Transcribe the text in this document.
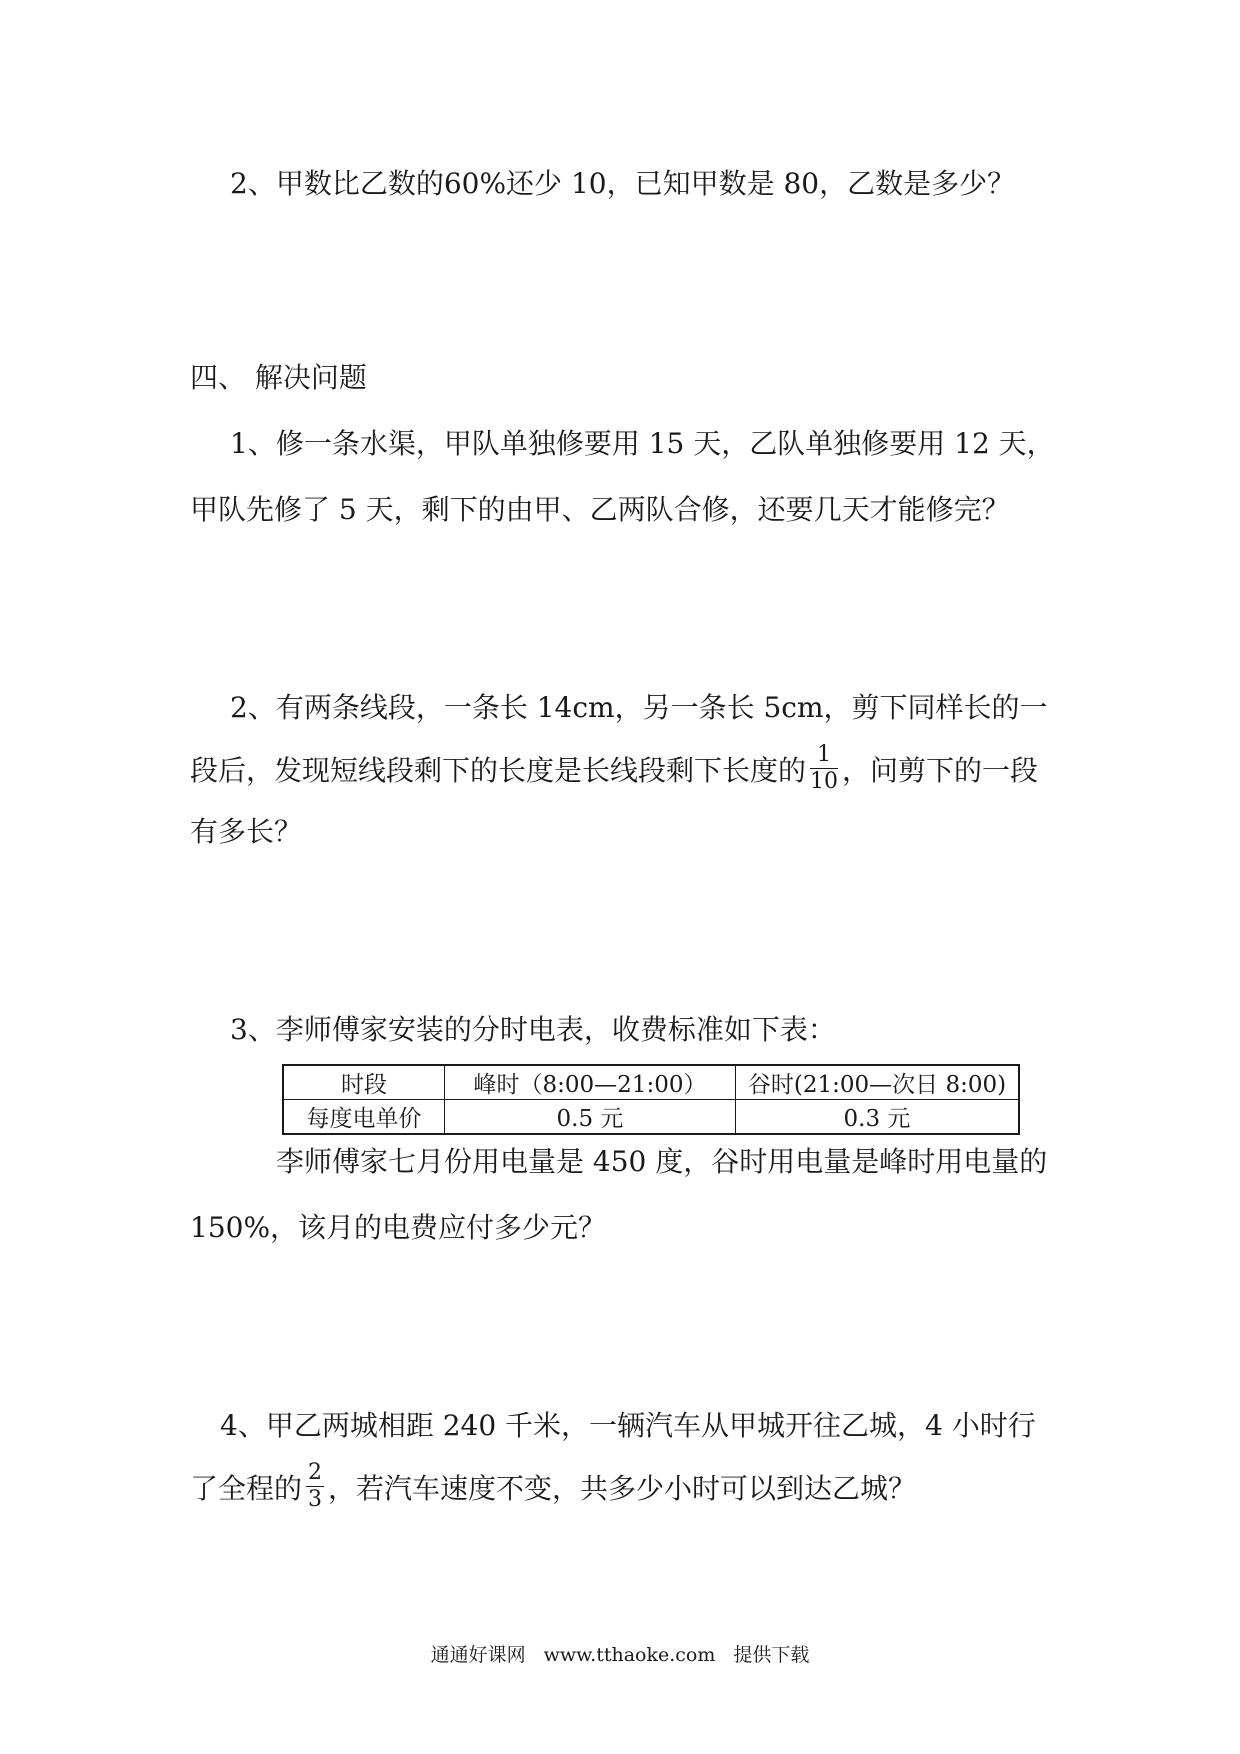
2、甲数比乙数的60%还少 10，已知甲数是 80，乙数是多少？
四、 解决问题
1、修一条水渠，甲队单独修要用 15 天，乙队单独修要用 12 天，
甲队先修了 5 天，剩下的由甲、乙两队合修，还要几天才能修完？
2、有两条线段，一条长 14cm，另一条长 5cm，剪下同样长的一
段后，发现短线段剩下的长度是长线段剩下长度的 $\frac{1}{10}$ ，问剪下的一段
有多长？
3、李师傅家安装的分时电表，收费标准如下表：
时段	峰时（8:00—21:00）	谷时(21:00—次日 8:00)
每度电单价	0.5 元	0.3 元
李师傅家七月份用电量是 450 度，谷时用电量是峰时用电量的
150%，该月的电费应付多少元？
4、甲乙两城相距 240 千米，一辆汽车从甲城开往乙城，4 小时行
了全程的 $\frac{2}{3}$ ，若汽车速度不变，共多少小时可以到达乙城？
通通好课网 www.tthaoke.com 提供下载
